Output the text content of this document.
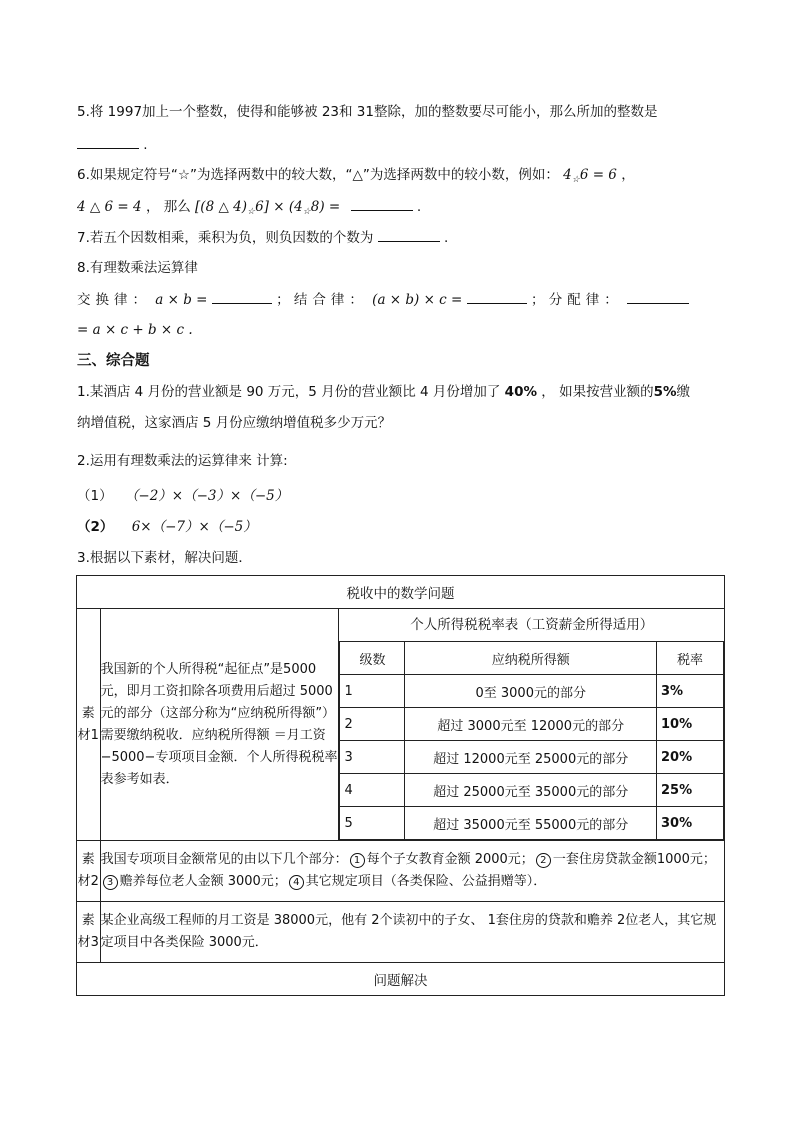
5.将 1997加上一个整数，使得和能够被 23和 31整除，加的整数要尽可能小，那么所加的整数是
.
6.如果规定符号“☆”为选择两数中的较大数，“△”为选择两数中的较小数，例如： $4_☆6 = 6$ ，
4 △ 6 = 4 ， 那么 [(8 △ $4)_☆6] \times (4_☆8)$ =	.
7.若五个因数相乘，乘积为负，则负因数的个数为	.
8.有理数乘法运算律
交换律： a × b =	； 结合律： (a × b) × c =	； 分配律：
= a × c + b × c .
三、综合题
1.某酒店 4 月份的营业额是 90 万元，5 月份的营业额比 4 月份增加了 40% ， 如果按营业额的5%缴
纳增值税，这家酒店 5 月份应缴纳增值税多少万元？
2.运用有理数乘法的运算律来 计算:
（1） （−2）×（−3）×（−5）
（2） 6×（−7）×（−5）
3.根据以下素材，解决问题．
税收中的数学问题
素材1	我国新的个人所得税“起征点”是5000元，即月工资扣除各项费用后超过 5000元的部分（这部分称为“应纳税所得额”）需要缴纳税收．应纳税所得额 ＝月工资 −5000−专项项目金额．个人所得税税率表参考如表．	
个人所得税税率表（工资薪金所得适用）
级数	应纳税所得额	税率
1	0至 3000元的部分	3%
2	超过 3000元至 12000元的部分	10%
3	超过 12000元至 25000元的部分	20%
4	超过 25000元至 35000元的部分	25%
5	超过 35000元至 55000元的部分	30%

素材2	我国专项项目金额常见的由以下几个部分： 1 每个子女教育金额 2000元； 2 一套住房贷款金额1000元；3 赡养每位老人金额 3000元； 4 其它规定项目（各类保险、公益捐赠等）．
素材3	某企业高级工程师的月工资是 38000元，他有 2个读初中的子女、 1套住房的贷款和赡养 2位老人，其它规定项目中各类保险 3000元．
问题解决
